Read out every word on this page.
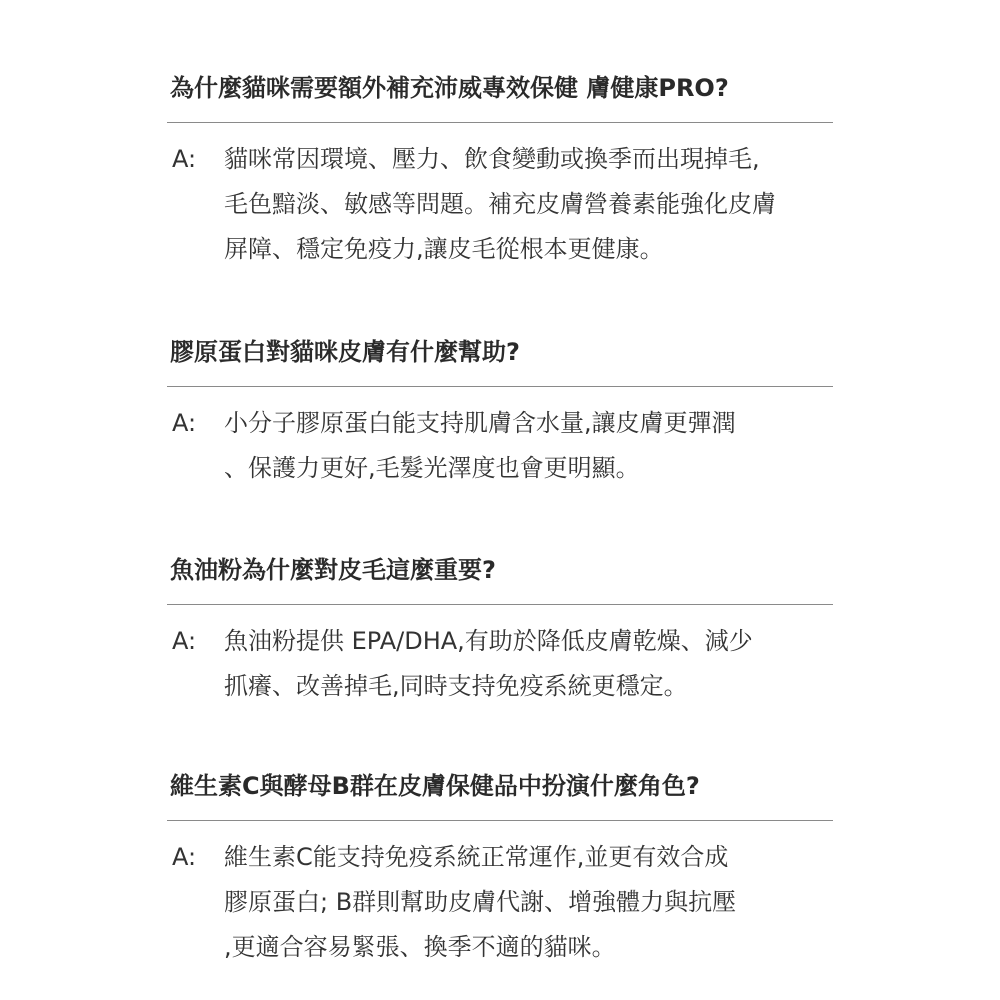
為什麼貓咪需要額外補充沛威專效保健 膚健康PRO?
A:	貓咪常因環境、壓力、飲食變動或換季而出現掉毛,
毛色黯淡、敏感等問題。補充皮膚營養素能強化皮膚
屏障、穩定免疫力,讓皮毛從根本更健康。
膠原蛋白對貓咪皮膚有什麼幫助?
A:	小分子膠原蛋白能支持肌膚含水量,讓皮膚更彈潤
、保護力更好,毛髮光澤度也會更明顯。
魚油粉為什麼對皮毛這麼重要?
A:	魚油粉提供 EPA/DHA,有助於降低皮膚乾燥、減少
抓癢、改善掉毛,同時支持免疫系統更穩定。
維生素C與酵母B群在皮膚保健品中扮演什麼角色?
A:	維生素C能支持免疫系統正常運作,並更有效合成
膠原蛋白; B群則幫助皮膚代謝、增強體力與抗壓
,更適合容易緊張、換季不適的貓咪。
